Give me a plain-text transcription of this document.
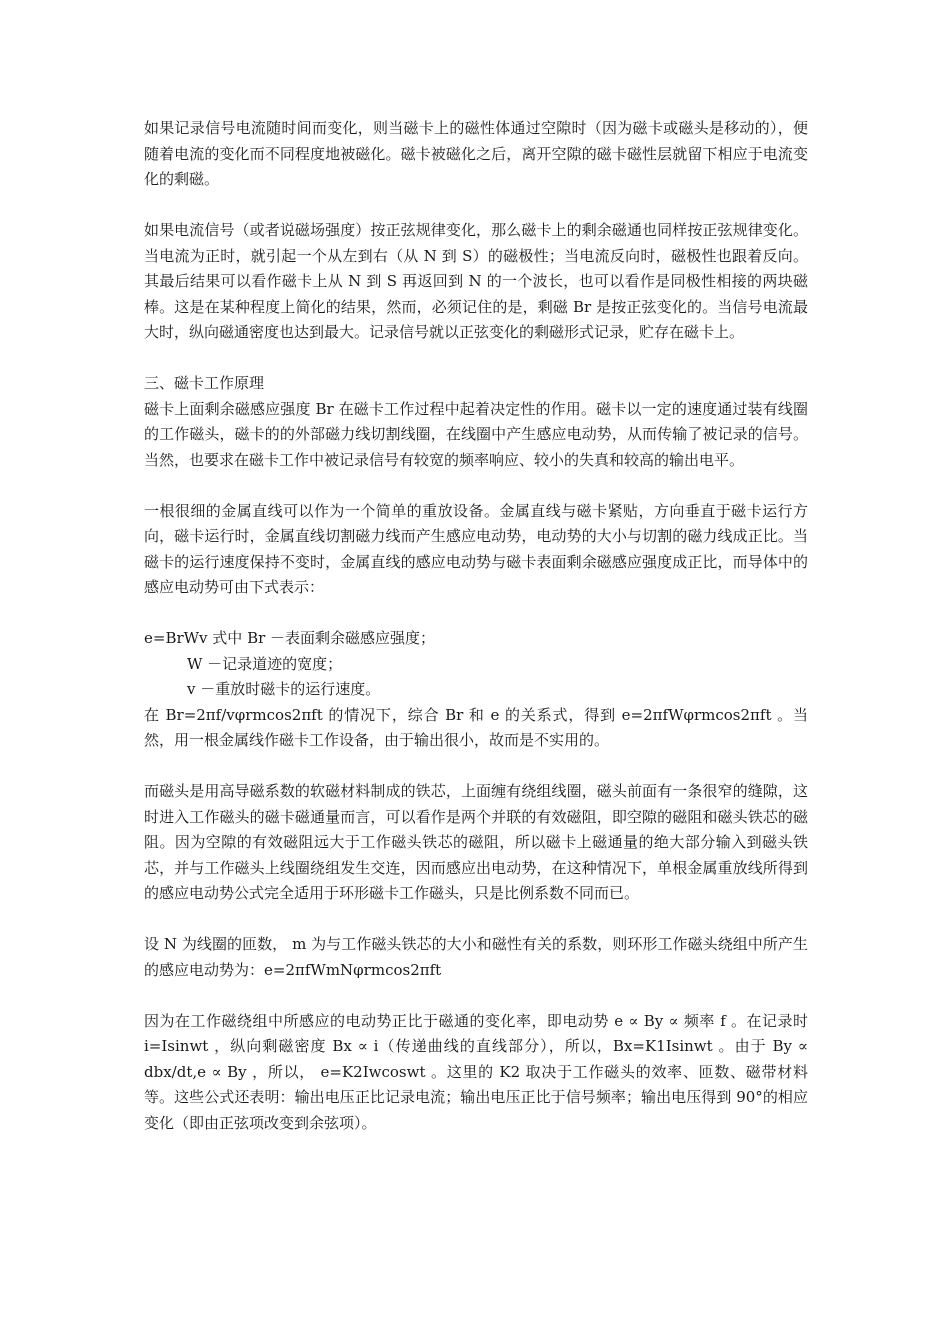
如果记录信号电流随时间而变化，则当磁卡上的磁性体通过空隙时（因为磁卡或磁头是移动的），便随着电流的变化而不同程度地被磁化。磁卡被磁化之后，离开空隙的磁卡磁性层就留下相应于电流变化的剩磁。

如果电流信号（或者说磁场强度）按正弦规律变化，那么磁卡上的剩余磁通也同样按正弦规律变化。当电流为正时，就引起一个从左到右（从 N 到 S）的磁极性；当电流反向时，磁极性也跟着反向。其最后结果可以看作磁卡上从 N 到 S 再返回到 N 的一个波长，也可以看作是同极性相接的两块磁棒。这是在某种程度上简化的结果，然而，必须记住的是，剩磁 Br 是按正弦变化的。当信号电流最大时，纵向磁通密度也达到最大。记录信号就以正弦变化的剩磁形式记录，贮存在磁卡上。

三、磁卡工作原理

磁卡上面剩余磁感应强度 Br 在磁卡工作过程中起着决定性的作用。磁卡以一定的速度通过装有线圈的工作磁头，磁卡的的外部磁力线切割线圈，在线圈中产生感应电动势，从而传输了被记录的信号。当然，也要求在磁卡工作中被记录信号有较宽的频率响应、较小的失真和较高的输出电平。

一根很细的金属直线可以作为一个简单的重放设备。金属直线与磁卡紧贴，方向垂直于磁卡运行方向，磁卡运行时，金属直线切割磁力线而产生感应电动势，电动势的大小与切割的磁力线成正比。当磁卡的运行速度保持不变时，金属直线的感应电动势与磁卡表面剩余磁感应强度成正比，而导体中的感应电动势可由下式表示：

e=BrWv 式中 Br －表面剩余磁感应强度；
W －记录道迹的宽度；
v －重放时磁卡的运行速度。

在 Br=2πf/vφrmcos2πft 的情况下，综合 Br 和 e 的关系式，得到 e=2πfWφrmcos2πft 。当然，用一根金属线作磁卡工作设备，由于输出很小，故而是不实用的。

而磁头是用高导磁系数的软磁材料制成的铁芯，上面缠有绕组线圈，磁头前面有一条很窄的缝隙，这时进入工作磁头的磁卡磁通量而言，可以看作是两个并联的有效磁阻，即空隙的磁阻和磁头铁芯的磁阻。因为空隙的有效磁阻远大于工作磁头铁芯的磁阻，所以磁卡上磁通量的绝大部分输入到磁头铁芯，并与工作磁头上线圈绕组发生交连，因而感应出电动势，在这种情况下，单根金属重放线所得到的感应电动势公式完全适用于环形磁卡工作磁头，只是比例系数不同而已。

设 N 为线圈的匝数， m 为与工作磁头铁芯的大小和磁性有关的系数，则环形工作磁头绕组中所产生的感应电动势为：e=2πfWmNφrmcos2πft

因为在工作磁绕组中所感应的电动势正比于磁通的变化率，即电动势 e ∝ By ∝ 频率 f 。在记录时 i=Isinwt ，纵向剩磁密度 Bx ∝ i（传递曲线的直线部分），所以，Bx=K1Isinwt 。由于 By ∝ dbx/dt,e ∝ By ，所以， e=K2Iwcoswt 。这里的 K2 取决于工作磁头的效率、匝数、磁带材料等。这些公式还表明：输出电压正比记录电流；输出电压正比于信号频率；输出电压得到 90°的相应变化（即由正弦项改变到余弦项）。
